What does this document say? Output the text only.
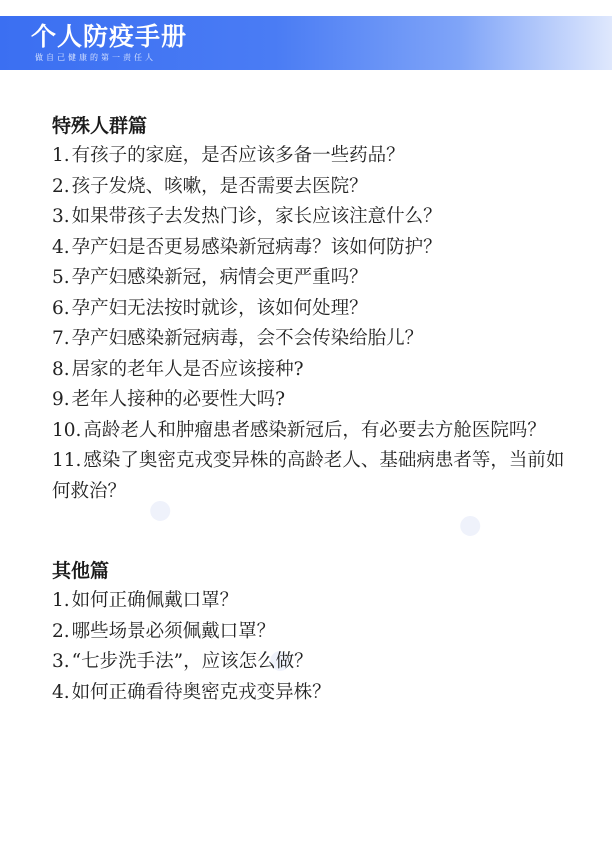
个人防疫手册
做自己健康的第一责任人
特殊人群篇
1. 有孩子的家庭，是否应该多备一些药品？
2. 孩子发烧、咳嗽，是否需要去医院？
3. 如果带孩子去发热门诊，家长应该注意什么？
4. 孕产妇是否更易感染新冠病毒？该如何防护？
5. 孕产妇感染新冠，病情会更严重吗？
6. 孕产妇无法按时就诊，该如何处理？
7. 孕产妇感染新冠病毒，会不会传染给胎儿？
8. 居家的老年人是否应该接种?
9. 老年人接种的必要性大吗?
10. 高龄老人和肿瘤患者感染新冠后，有必要去方舱医院吗？
11. 感染了奥密克戎变异株的高龄老人、基础病患者等，当前如何救治？
其他篇
1. 如何正确佩戴口罩？
2. 哪些场景必须佩戴口罩？
3. “七步洗手法”，应该怎么做？
4. 如何正确看待奥密克戎变异株？
